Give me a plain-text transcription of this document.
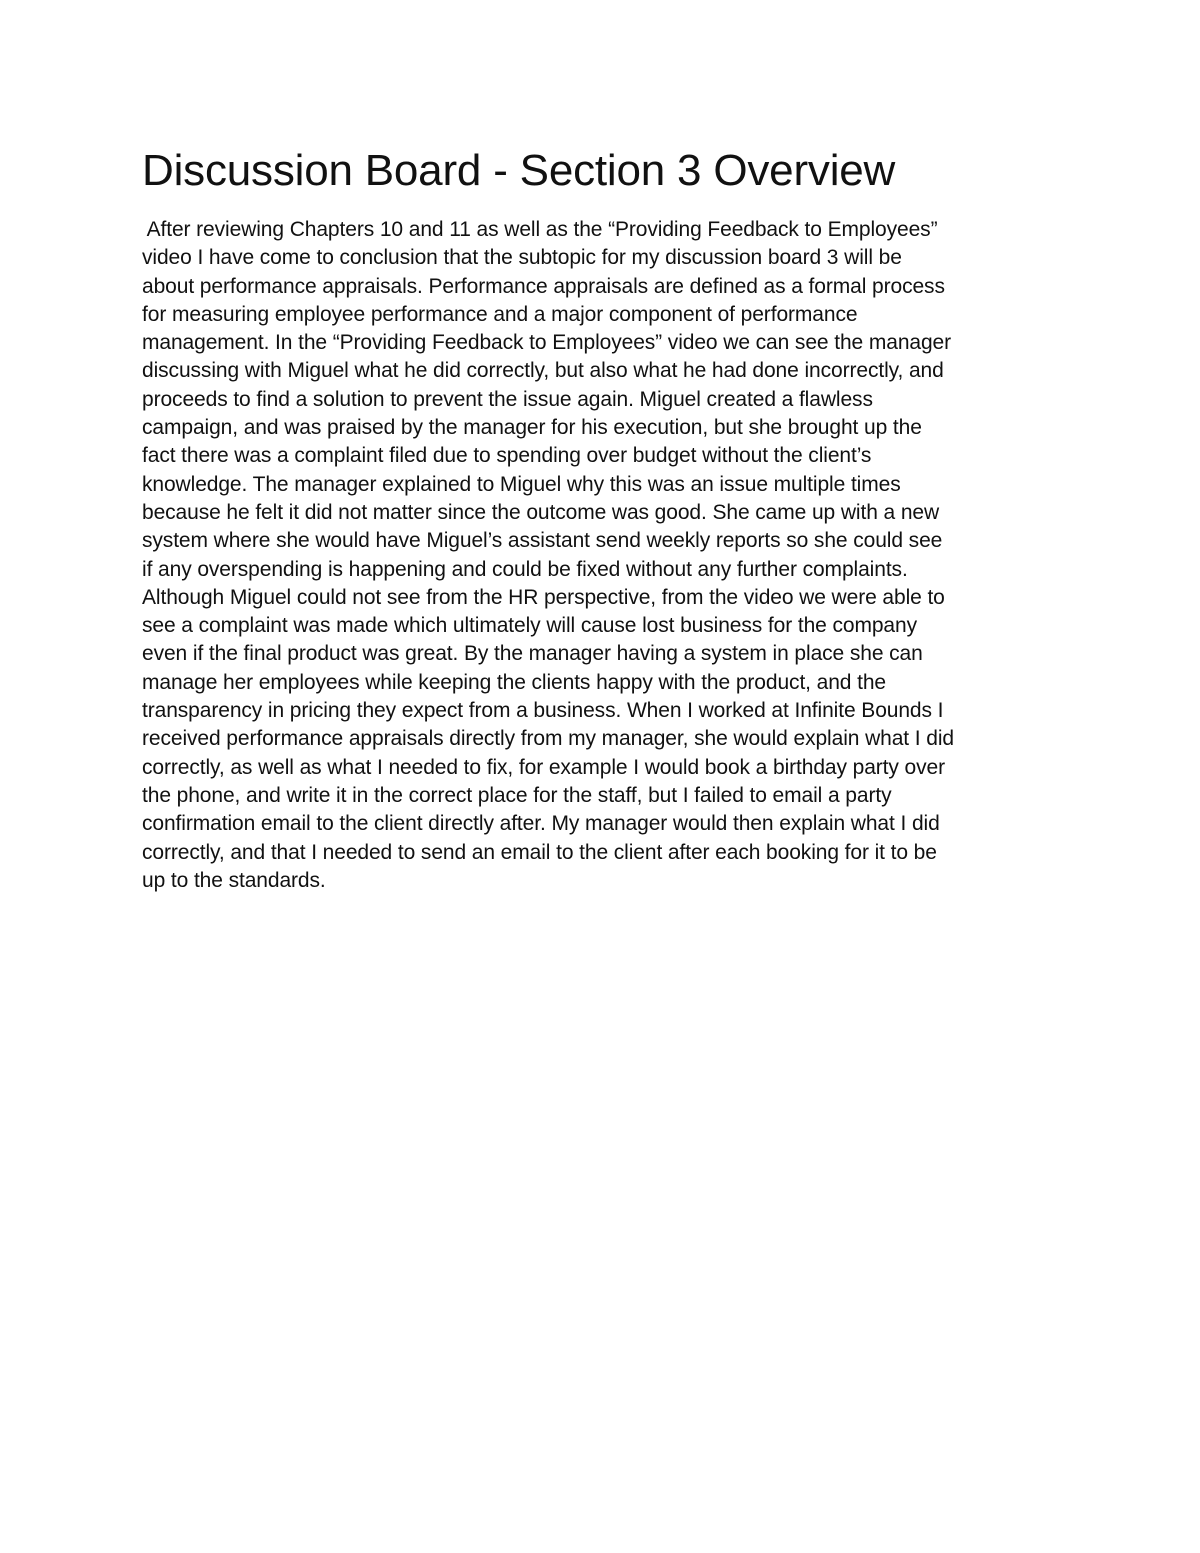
Discussion Board - Section 3 Overview
After reviewing Chapters 10 and 11 as well as the “Providing Feedback to Employees”
video I have come to conclusion that the subtopic for my discussion board 3 will be
about performance appraisals. Performance appraisals are defined as a formal process
for measuring employee performance and a major component of performance
management. In the “Providing Feedback to Employees” video we can see the manager
discussing with Miguel what he did correctly, but also what he had done incorrectly, and
proceeds to find a solution to prevent the issue again. Miguel created a flawless
campaign, and was praised by the manager for his execution, but she brought up the
fact there was a complaint filed due to spending over budget without the client’s
knowledge. The manager explained to Miguel why this was an issue multiple times
because he felt it did not matter since the outcome was good. She came up with a new
system where she would have Miguel’s assistant send weekly reports so she could see
if any overspending is happening and could be fixed without any further complaints.
Although Miguel could not see from the HR perspective, from the video we were able to
see a complaint was made which ultimately will cause lost business for the company
even if the final product was great. By the manager having a system in place she can
manage her employees while keeping the clients happy with the product, and the
transparency in pricing they expect from a business. When I worked at Infinite Bounds I
received performance appraisals directly from my manager, she would explain what I did
correctly, as well as what I needed to fix, for example I would book a birthday party over
the phone, and write it in the correct place for the staff, but I failed to email a party
confirmation email to the client directly after. My manager would then explain what I did
correctly, and that I needed to send an email to the client after each booking for it to be
up to the standards.
